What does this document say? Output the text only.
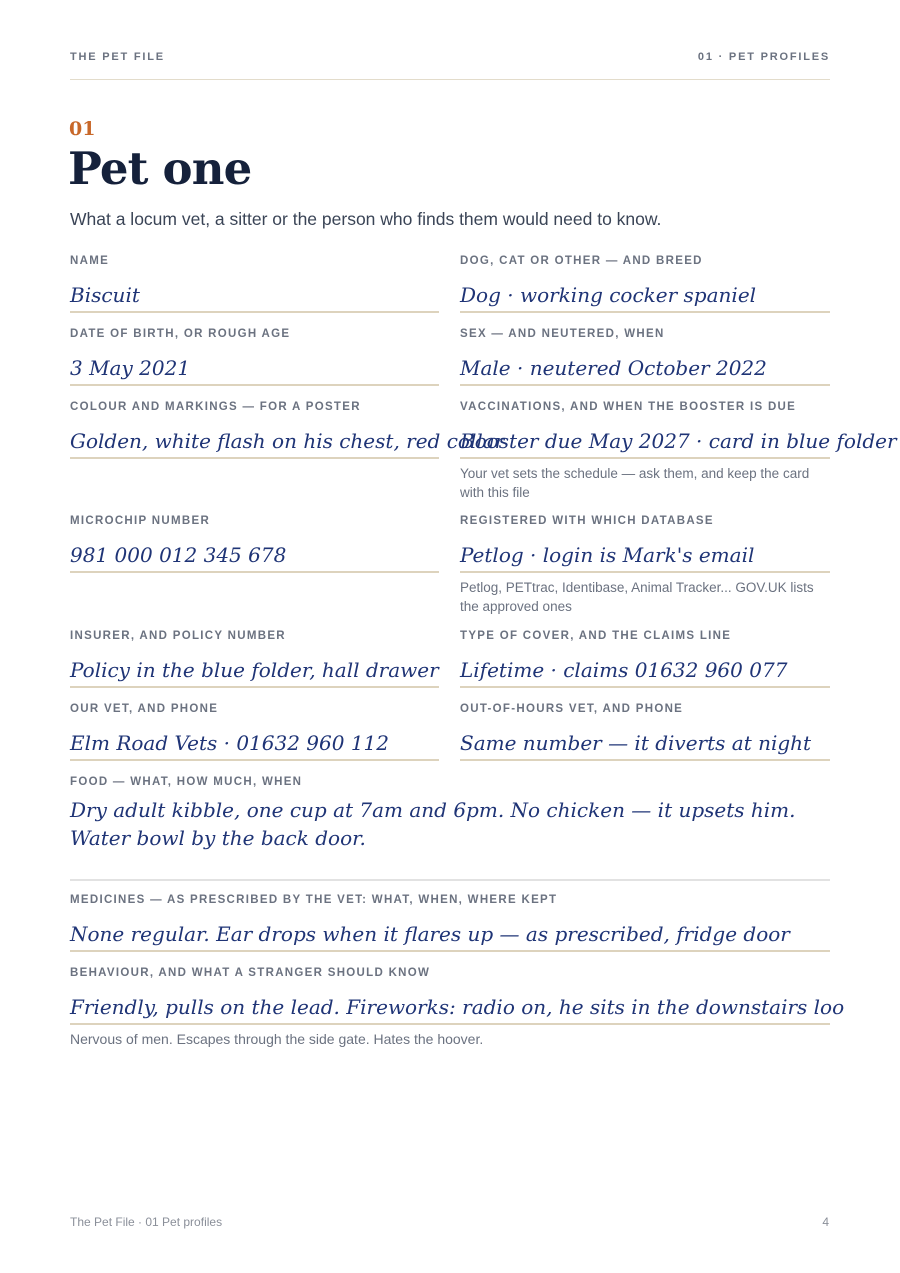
THE PET FILE	01 · PET PROFILES
01
Pet one

What a locum vet, a sitter or the person who finds them would need to know.

NAME
Biscuit
DOG, CAT OR OTHER — AND BREED
Dog · working cocker spaniel
DATE OF BIRTH, OR ROUGH AGE
3 May 2021
SEX — AND NEUTERED, WHEN
Male · neutered October 2022
COLOUR AND MARKINGS — FOR A POSTER
Golden, white flash on his chest, red collar
VACCINATIONS, AND WHEN THE BOOSTER IS DUE
Booster due May 2027 · card in blue folder
Your vet sets the schedule — ask them, and keep the card with this file
MICROCHIP NUMBER
981 000 012 345 678
REGISTERED WITH WHICH DATABASE
Petlog · login is Mark's email
Petlog, PETtrac, Identibase, Animal Tracker... GOV.UK lists the approved ones
INSURER, AND POLICY NUMBER
Policy in the blue folder, hall drawer
TYPE OF COVER, AND THE CLAIMS LINE
Lifetime · claims 01632 960 077
OUR VET, AND PHONE
Elm Road Vets · 01632 960 112
OUT-OF-HOURS VET, AND PHONE
Same number — it diverts at night
FOOD — WHAT, HOW MUCH, WHEN
Dry adult kibble, one cup at 7am and 6pm. No chicken — it upsets him. Water bowl by the back door.
MEDICINES — AS PRESCRIBED BY THE VET: WHAT, WHEN, WHERE KEPT
None regular. Ear drops when it flares up — as prescribed, fridge door
BEHAVIOUR, AND WHAT A STRANGER SHOULD KNOW
Friendly, pulls on the lead. Fireworks: radio on, he sits in the downstairs loo
Nervous of men. Escapes through the side gate. Hates the hoover.
The Pet File · 01 Pet profiles	4
